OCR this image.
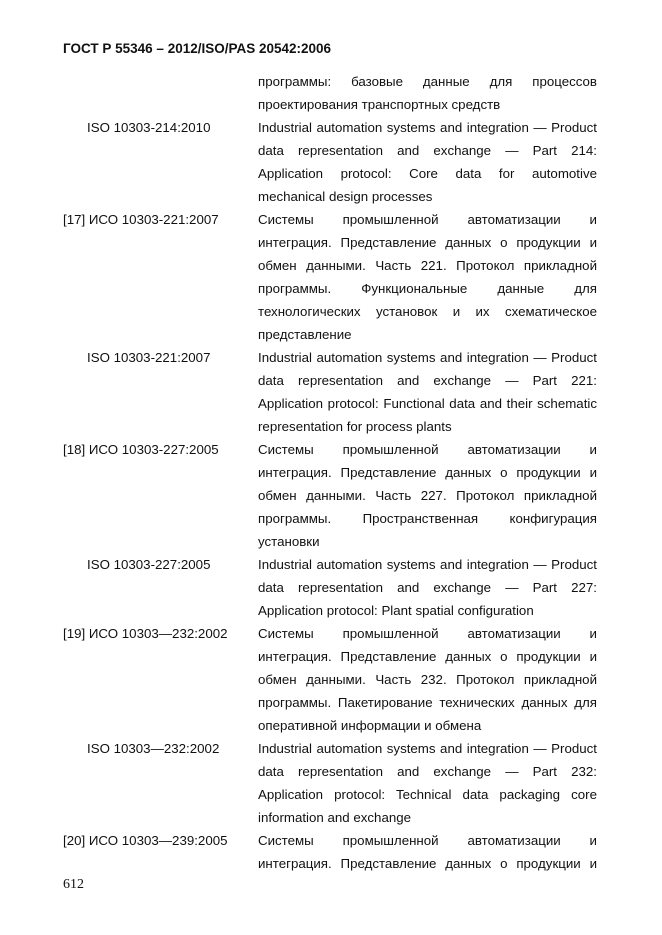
ГОСТ Р 55346 – 2012/ISO/PAS 20542:2006
программы: базовые данные для процессов проектирования транспортных средств
ISO 10303-214:2010	Industrial automation systems and integration — Product data representation and exchange — Part 214: Application protocol: Core data for automotive mechanical design processes
[17] ИСО 10303-221:2007	Системы промышленной автоматизации и интеграция. Представление данных о продукции и обмен данными. Часть 221. Протокол прикладной программы. Функциональные данные для технологических установок и их схематическое представление
ISO 10303-221:2007	Industrial automation systems and integration — Product data representation and exchange — Part 221: Application protocol: Functional data and their schematic representation for process plants
[18] ИСО 10303-227:2005	Системы промышленной автоматизации и интеграция. Представление данных о продукции и обмен данными. Часть 227. Протокол прикладной программы. Пространственная конфигурация установки
ISO 10303-227:2005	Industrial automation systems and integration — Product data representation and exchange — Part 227: Application protocol: Plant spatial configuration
[19] ИСО 10303—232:2002	Системы промышленной автоматизации и интеграция. Представление данных о продукции и обмен данными. Часть 232. Протокол прикладной программы. Пакетирование технических данных для оперативной информации и обмена
ISO 10303—232:2002	Industrial automation systems and integration — Product data representation and exchange — Part 232: Application protocol: Technical data packaging core information and exchange
[20] ИСО 10303—239:2005	Системы промышленной автоматизации и интеграция. Представление данных о продукции и
612
